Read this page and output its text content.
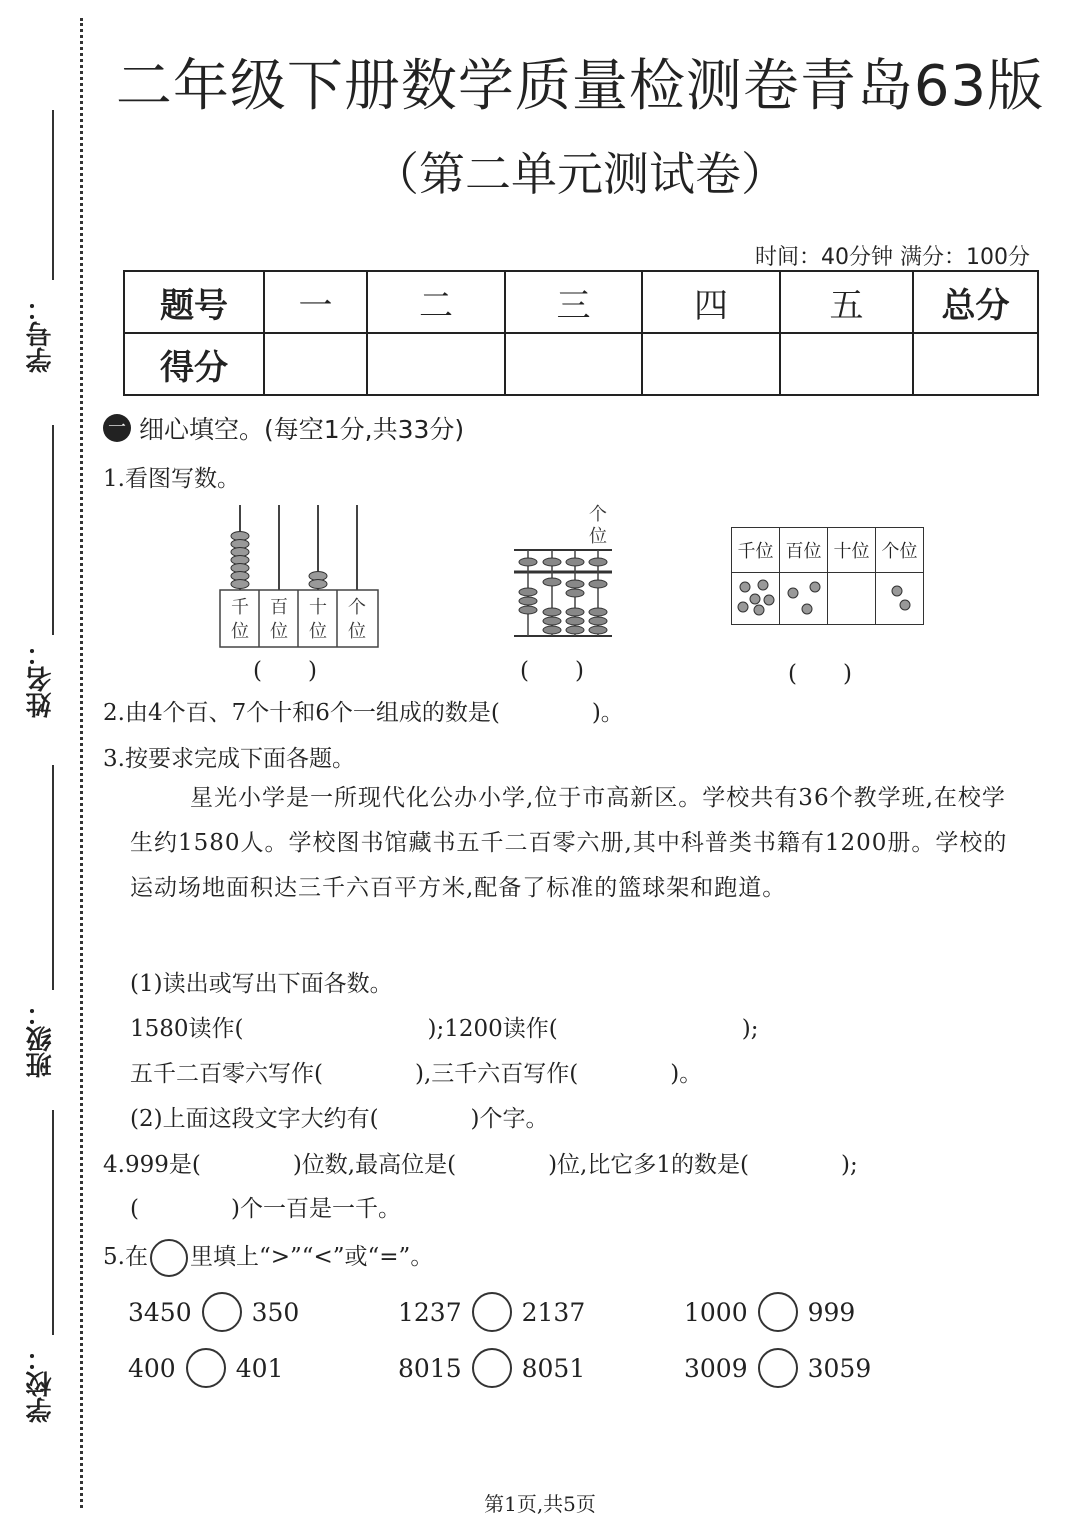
学号：
姓名：
班级：
学校：
二年级下册数学质量检测卷青岛63版
（第二单元测试卷）
时间：40分钟 满分：100分
题号	一	二	三	四	五	总分
得分						
一 细心填空。(每空1分,共33分)
1.看图写数。
千
位
百
位
十
位
个
位
个
位
千位	百位	十位	个位

(　　)	(　　)	(　　)
2.由4个百、7个十和6个一组成的数是(　　　　)。
3.按要求完成下面各题。
星光小学是一所现代化公办小学,位于市高新区。学校共有36个教学班,在校学生约1580人。学校图书馆藏书五千二百零六册,其中科普类书籍有1200册。学校的运动场地面积达三千六百平方米,配备了标准的篮球架和跑道。
(1)读出或写出下面各数。
1580读作(　　　　　　　　);1200读作(　　　　　　　　);
五千二百零六写作(　　　　),三千六百写作(　　　　)。
(2)上面这段文字大约有(　　　　)个字。
4.999是(　　　　)位数,最高位是(　　　　)位,比它多1的数是(　　　　);
(　　　　)个一百是一千。
5.在 里填上“>”“<”或“=”。
3450 350	1237 2137	1000 999
400 401	8015 8051	3009 3059
第1页,共5页
